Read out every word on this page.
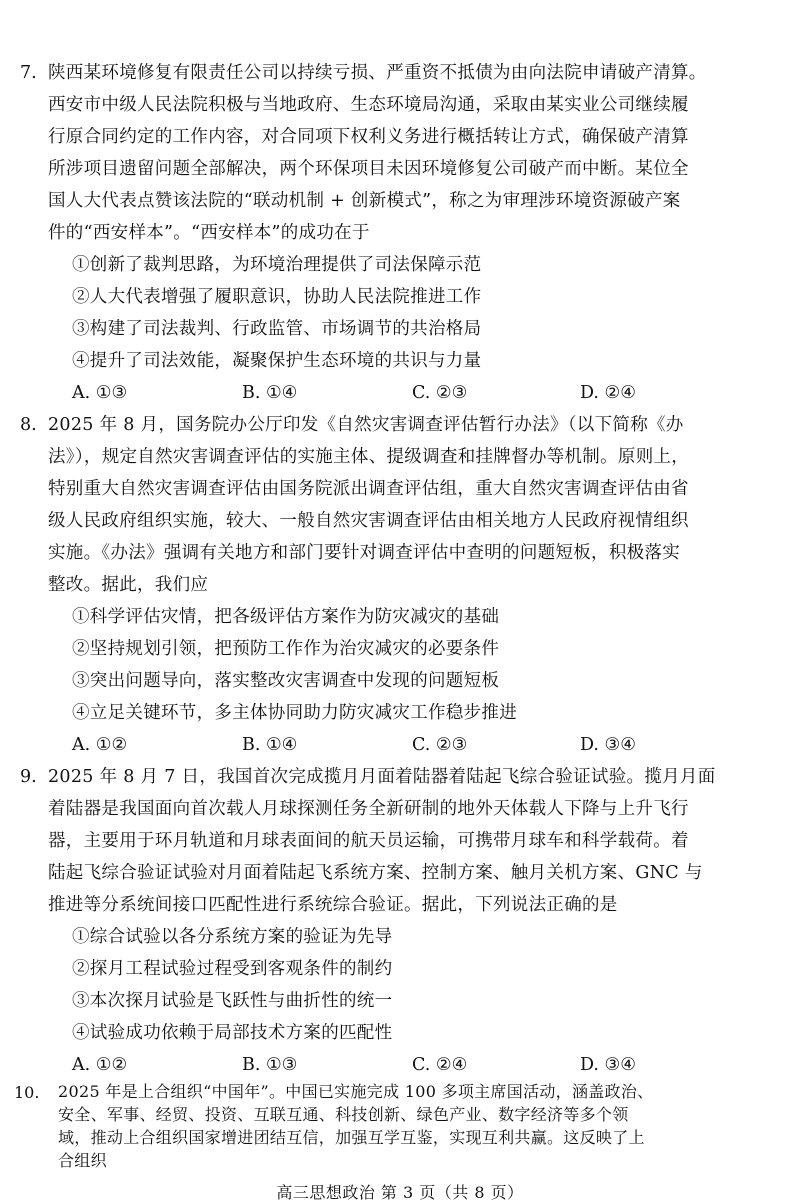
7. 陕西某环境修复有限责任公司以持续亏损、严重资不抵债为由向法院申请破产清算。
西安市中级人民法院积极与当地政府、生态环境局沟通，采取由某实业公司继续履
行原合同约定的工作内容，对合同项下权利义务进行概括转让方式，确保破产清算
所涉项目遗留问题全部解决，两个环保项目未因环境修复公司破产而中断。某位全
国人大代表点赞该法院的“联动机制 + 创新模式”，称之为审理涉环境资源破产案
件的“西安样本”。“西安样本”的成功在于
①创新了裁判思路，为环境治理提供了司法保障示范
②人大代表增强了履职意识，协助人民法院推进工作
③构建了司法裁判、行政监管、市场调节的共治格局
④提升了司法效能，凝聚保护生态环境的共识与力量
A. ①③	B. ①④	C. ②③	D. ②④
8. 2025 年 8 月，国务院办公厅印发《自然灾害调查评估暂行办法》（以下简称《办
法》），规定自然灾害调查评估的实施主体、提级调查和挂牌督办等机制。原则上，
特别重大自然灾害调查评估由国务院派出调查评估组，重大自然灾害调查评估由省
级人民政府组织实施，较大、一般自然灾害调查评估由相关地方人民政府视情组织
实施。《办法》强调有关地方和部门要针对调查评估中查明的问题短板，积极落实
整改。据此，我们应
①科学评估灾情，把各级评估方案作为防灾减灾的基础
②坚持规划引领，把预防工作作为治灾减灾的必要条件
③突出问题导向，落实整改灾害调查中发现的问题短板
④立足关键环节，多主体协同助力防灾减灾工作稳步推进
A. ①②	B. ①④	C. ②③	D. ③④
9. 2025 年 8 月 7 日，我国首次完成揽月月面着陆器着陆起飞综合验证试验。揽月月面
着陆器是我国面向首次载人月球探测任务全新研制的地外天体载人下降与上升飞行
器，主要用于环月轨道和月球表面间的航天员运输，可携带月球车和科学载荷。着
陆起飞综合验证试验对月面着陆起飞系统方案、控制方案、触月关机方案、GNC 与
推进等分系统间接口匹配性进行系统综合验证。据此，下列说法正确的是
①综合试验以各分系统方案的验证为先导
②探月工程试验过程受到客观条件的制约
③本次探月试验是飞跃性与曲折性的统一
④试验成功依赖于局部技术方案的匹配性
A. ①②	B. ①③	C. ②④	D. ③④
10. 2025 年是上合组织“中国年”。中国已实施完成 100 多项主席国活动，涵盖政治、
安全、军事、经贸、投资、互联互通、科技创新、绿色产业、数字经济等多个领
域，推动上合组织国家增进团结互信，加强互学互鉴，实现互利共赢。这反映了上
合组织
高三思想政治 第 3 页（共 8 页）
